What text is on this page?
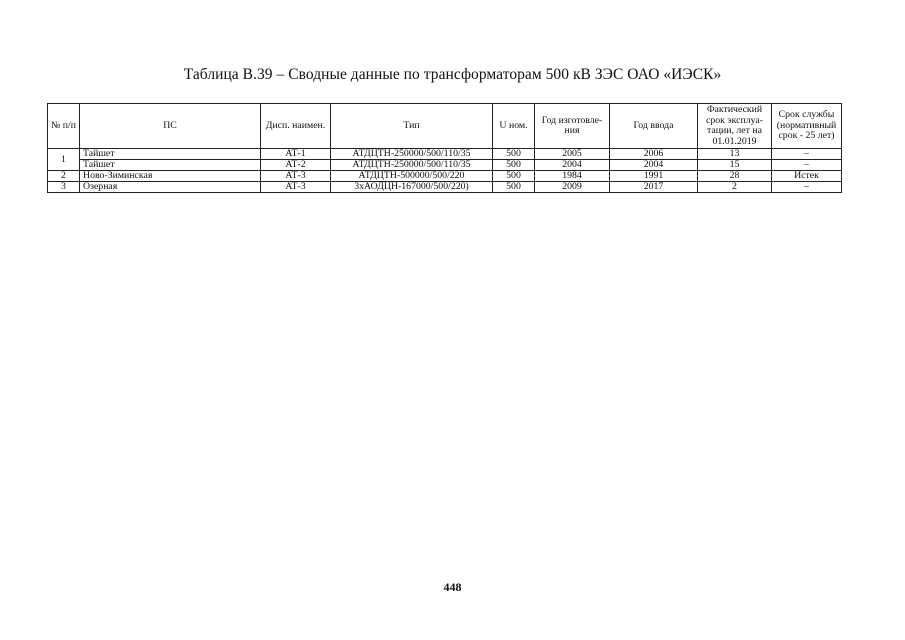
Таблица В.39 – Сводные данные по трансформаторам 500 кВ ЗЭС ОАО «ИЭСК»
№ п/п	ПС	Дисп. наимен.	Тип	U ном.	Год изготовле-ния	Год ввода	Фактический срок эксплуа-тации, лет на 01.01.2019	Срок службы (нормативный срок - 25 лет)
1	Тайшет	АТ-1	АТДЦТН-250000/500/110/35	500	2005	2006	13	–
	Тайшет	АТ-2	АТДЦТН-250000/500/110/35	500	2004	2004	15	–
2	Ново-Зиминская	АТ-3	АТДЦТН-500000/500/220	500	1984	1991	28	Истек
3	Озерная	АТ-3	3хАОДЦН-167000/500/220)	500	2009	2017	2	–
448
